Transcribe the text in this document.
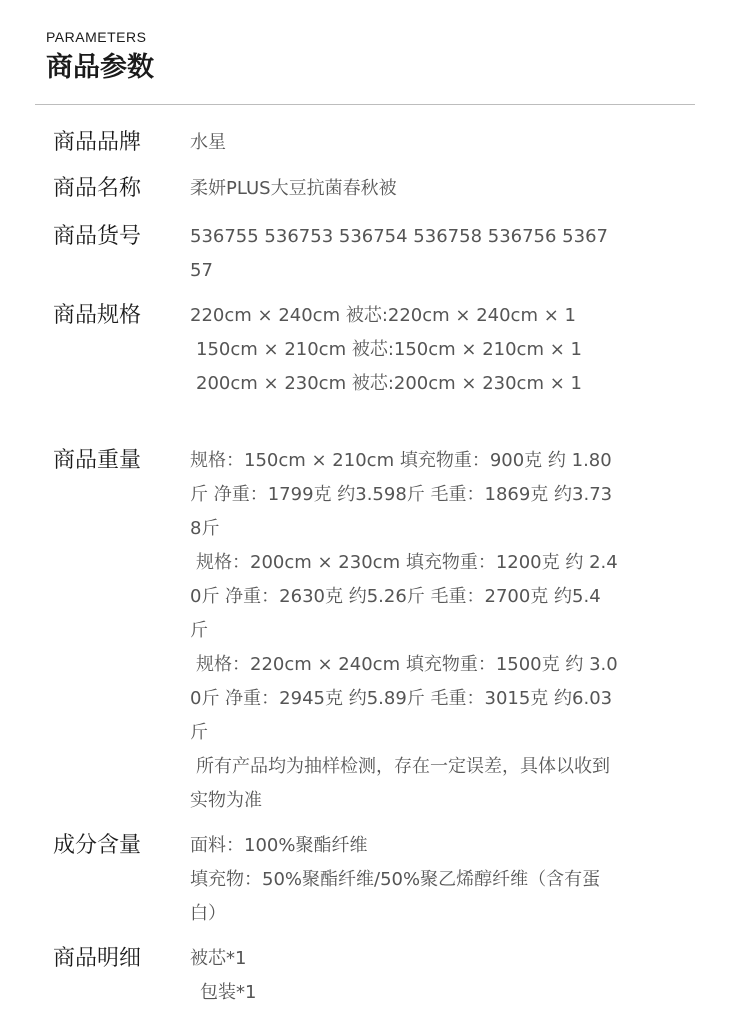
PARAMETERS
商品参数
商品品牌	水星
商品名称	柔妍PLUS大豆抗菌春秋被
商品货号	536755 536753 536754 536758 536756 5367
57
商品规格	220cm × 240cm 被芯:220cm × 240cm × 1
150cm × 210cm 被芯:150cm × 210cm × 1
200cm × 230cm 被芯:200cm × 230cm × 1
商品重量	规格：150cm × 210cm 填充物重：900克 约 1.80
斤 净重：1799克 约3.598斤 毛重：1869克 约3.73
8斤
规格：200cm × 230cm 填充物重：1200克 约 2.4
0斤 净重：2630克 约5.26斤 毛重：2700克 约5.4
斤
规格：220cm × 240cm 填充物重：1500克 约 3.0
0斤 净重：2945克 约5.89斤 毛重：3015克 约6.03
斤
所有产品均为抽样检测，存在一定误差，具体以收到
实物为准
成分含量	面料：100%聚酯纤维
填充物：50%聚酯纤维/50%聚乙烯醇纤维（含有蛋
白）
商品明细	被芯*1
包装*1
